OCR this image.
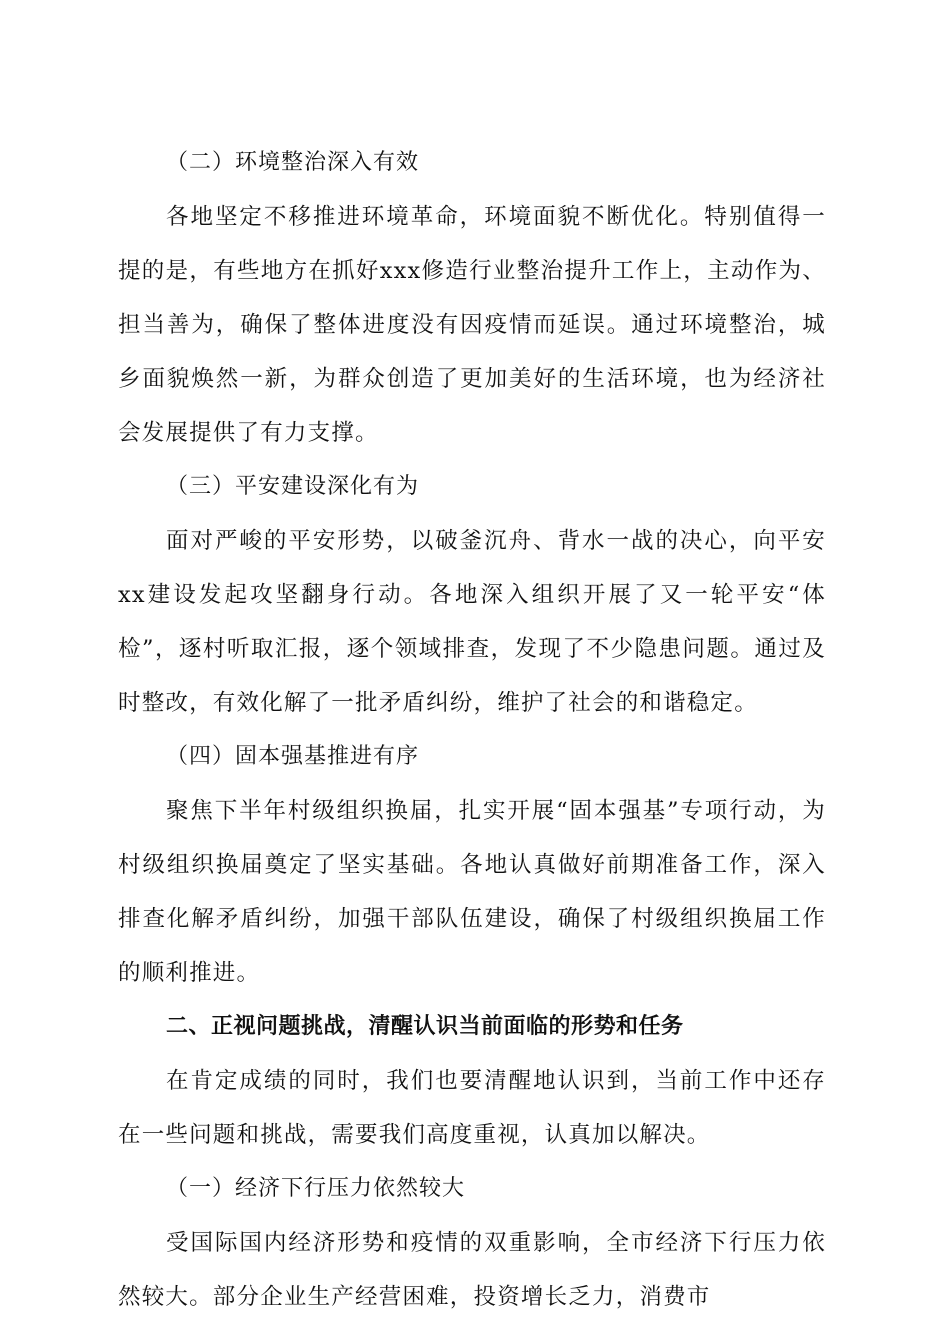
（二）环境整治深入有效

各地坚定不移推进环境革命，环境面貌不断优化。特别值得一提的是，有些地方在抓好xxx修造行业整治提升工作上，主动作为、担当善为，确保了整体进度没有因疫情而延误。通过环境整治，城乡面貌焕然一新，为群众创造了更加美好的生活环境，也为经济社会发展提供了有力支撑。

（三）平安建设深化有为

面对严峻的平安形势，以破釜沉舟、背水一战的决心，向平安xx建设发起攻坚翻身行动。各地深入组织开展了又一轮平安“体检”，逐村听取汇报，逐个领域排查，发现了不少隐患问题。通过及时整改，有效化解了一批矛盾纠纷，维护了社会的和谐稳定。

（四）固本强基推进有序

聚焦下半年村级组织换届，扎实开展“固本强基”专项行动，为村级组织换届奠定了坚实基础。各地认真做好前期准备工作，深入排查化解矛盾纠纷，加强干部队伍建设，确保了村级组织换届工作的顺利推进。

二、正视问题挑战，清醒认识当前面临的形势和任务

在肯定成绩的同时，我们也要清醒地认识到，当前工作中还存在一些问题和挑战，需要我们高度重视，认真加以解决。

（一）经济下行压力依然较大

受国际国内经济形势和疫情的双重影响，全市经济下行压力依然较大。部分企业生产经营困难，投资增长乏力，消费市
